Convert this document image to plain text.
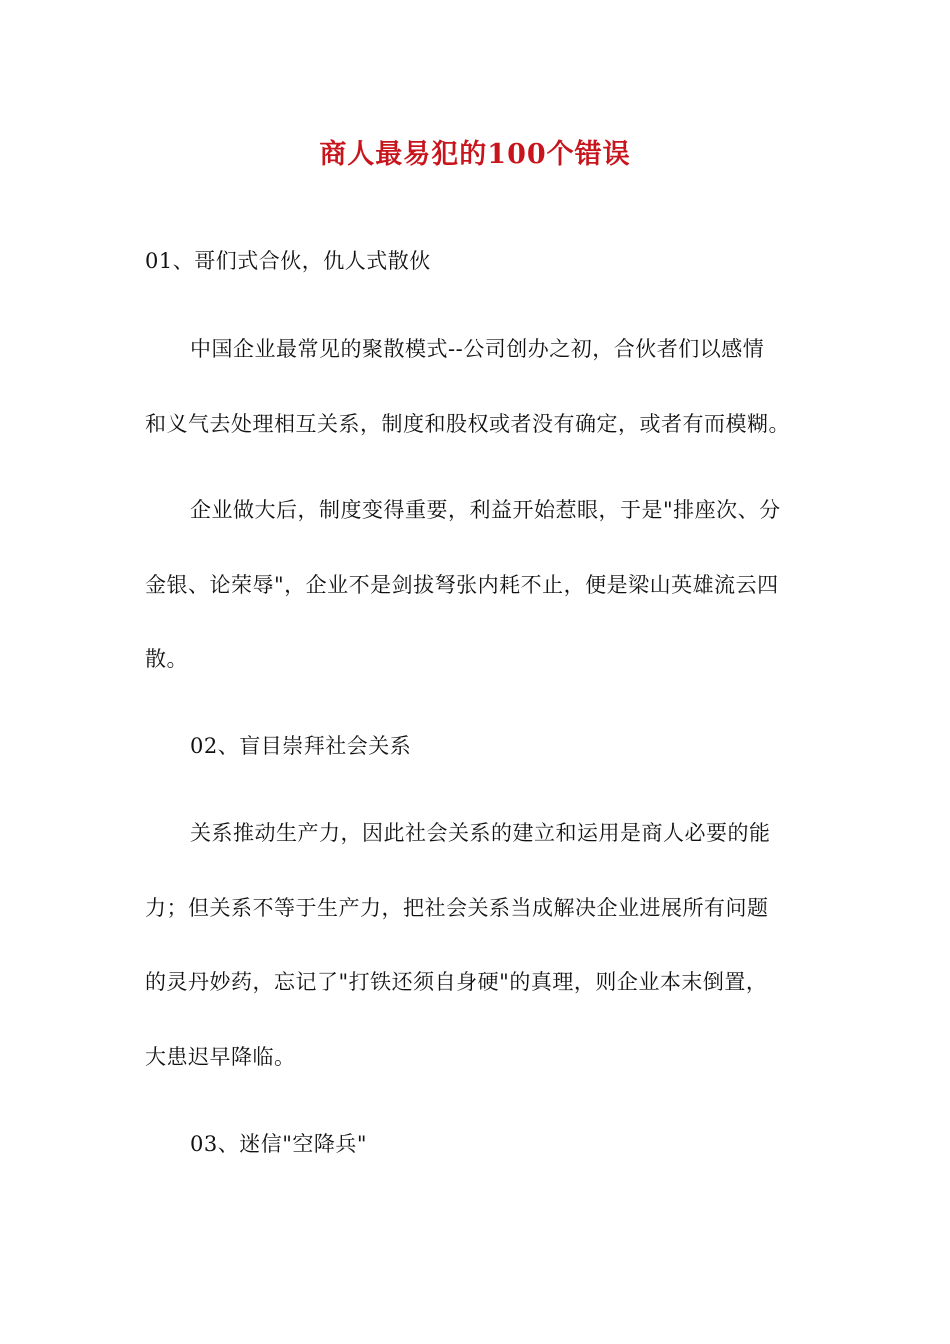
商人最易犯的100个错误
01、哥们式合伙，仇人式散伙
中国企业最常见的聚散模式--公司创办之初，合伙者们以感情
和义气去处理相互关系，制度和股权或者没有确定，或者有而模糊。
企业做大后，制度变得重要，利益开始惹眼，于是"排座次、分
金银、论荣辱"，企业不是剑拔弩张内耗不止，便是梁山英雄流云四
散。
02、盲目崇拜社会关系
关系推动生产力，因此社会关系的建立和运用是商人必要的能
力；但关系不等于生产力，把社会关系当成解决企业进展所有问题
的灵丹妙药，忘记了"打铁还须自身硬"的真理，则企业本末倒置，
大患迟早降临。
03、迷信"空降兵"
